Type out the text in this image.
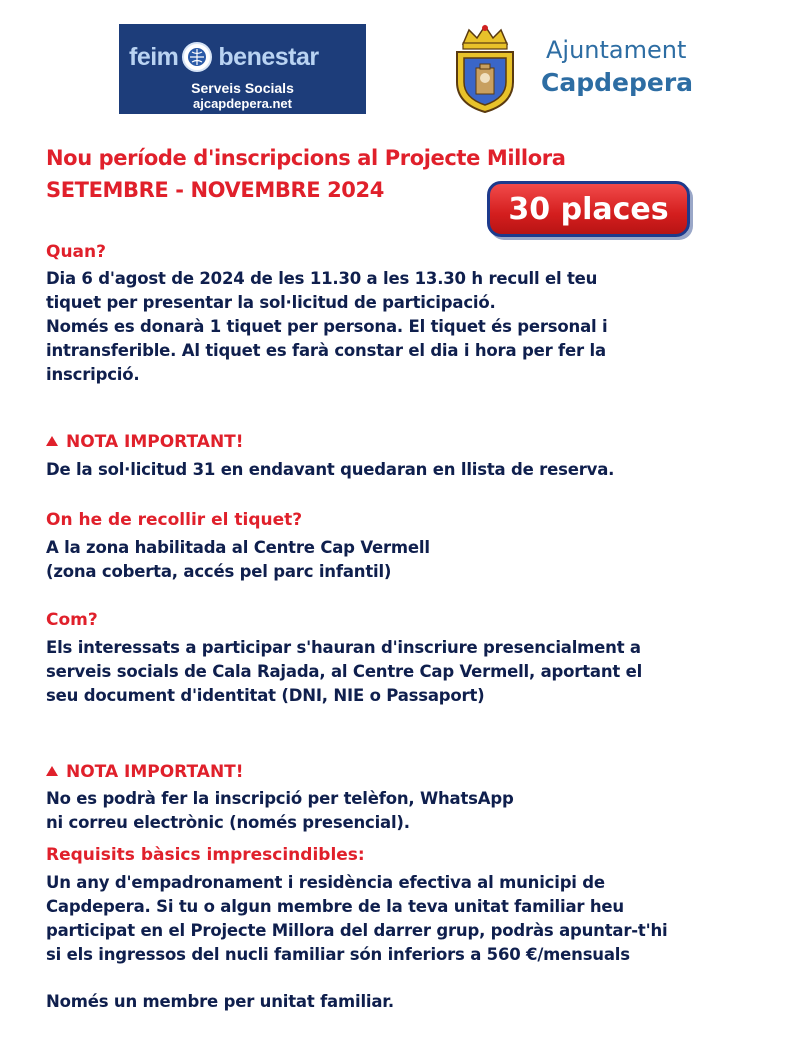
feim benestar
Serveis Socials
ajcapdepera.net
Ajuntament
Capdepera
Nou període d'inscripcions al Projecte Millora
SETEMBRE - NOVEMBRE 2024
30 places
Quan?
Dia 6 d'agost de 2024 de les 11.30 a les 13.30 h recull el teu
tiquet per presentar la sol·licitud de participació.
Només es donarà 1 tiquet per persona. El tiquet és personal i
intransferible. Al tiquet es farà constar el dia i hora per fer la
inscripció.
NOTA IMPORTANT!
De la sol·licitud 31 en endavant quedaran en llista de reserva.
On he de recollir el tiquet?
A la zona habilitada al Centre Cap Vermell
(zona coberta, accés pel parc infantil)
Com?
Els interessats a participar s'hauran d'inscriure presencialment a
serveis socials de Cala Rajada, al Centre Cap Vermell, aportant el
seu document d'identitat (DNI, NIE o Passaport)
NOTA IMPORTANT!
No es podrà fer la inscripció per telèfon, WhatsApp
ni correu electrònic (només presencial).
Requisits bàsics imprescindibles:
Un any d'empadronament i residència efectiva al municipi de
Capdepera. Si tu o algun membre de la teva unitat familiar heu
participat en el Projecte Millora del darrer grup, podràs apuntar-t'hi
si els ingressos del nucli familiar són inferiors a 560 €/mensuals
Només un membre per unitat familiar.
